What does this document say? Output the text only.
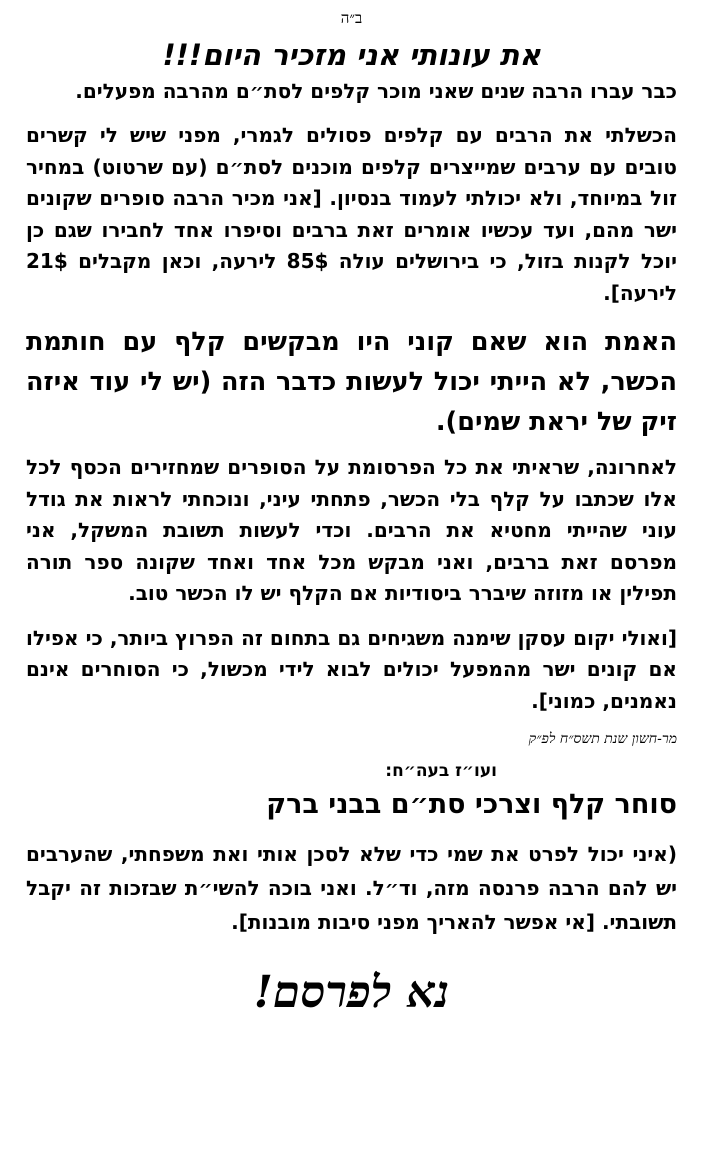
ב״ה

את עונותי אני מזכיר היום!!!

כבר עברו הרבה שנים שאני מוכר קלפים לסת״ם מהרבה מפעלים.

הכשלתי את הרבים עם קלפים פסולים לגמרי, מפני שיש לי קשרים טובים עם ערבים שמייצרים קלפים מוכנים לסת״ם (עם שרטוט) במחיר זול במיוחד, ולא יכולתי לעמוד בנסיון. [אני מכיר הרבה סופרים שקונים ישר מהם, ועד עכשיו אומרים זאת ברבים וסיפרו אחד לחבירו שגם כן יוכל לקנות בזול, כי בירושלים עולה 85$ לירעה, וכאן מקבלים 21$ לירעה].

האמת הוא שאם קוני היו מבקשים קלף עם חותמת הכשר, לא הייתי יכול לעשות כדבר הזה (יש לי עוד איזה זיק של יראת שמים).

לאחרונה, שראיתי את כל הפרסומת על הסופרים שמחזירים הכסף לכל אלו שכתבו על קלף בלי הכשר, פתחתי עיני, ונוכחתי לראות את גודל עוני שהייתי מחטיא את הרבים. וכדי לעשות תשובת המשקל, אני מפרסם זאת ברבים, ואני מבקש מכל אחד ואחד שקונה ספר תורה תפילין או מזוזה שיברר ביסודיות אם הקלף יש לו הכשר טוב.

[ואולי יקום עסקן שימנה משגיחים גם בתחום זה הפרוץ ביותר, כי אפילו אם קונים ישר מהמפעל יכולים לבוא לידי מכשול, כי הסוחרים אינם נאמנים, כמוני].

מר-חשון שנת תשס״ח לפ״ק

ועו״ז בעה״ח:

סוחר קלף וצרכי סת״ם בבני ברק

(איני יכול לפרט את שמי כדי שלא לסכן אותי ואת משפחתי, שהערבים יש להם הרבה פרנסה מזה, וד״ל. ואני בוכה להשי״ת שבזכות זה יקבל תשובתי. [אי אפשר להאריך מפני סיבות מובנות].

נא לפרסם!
